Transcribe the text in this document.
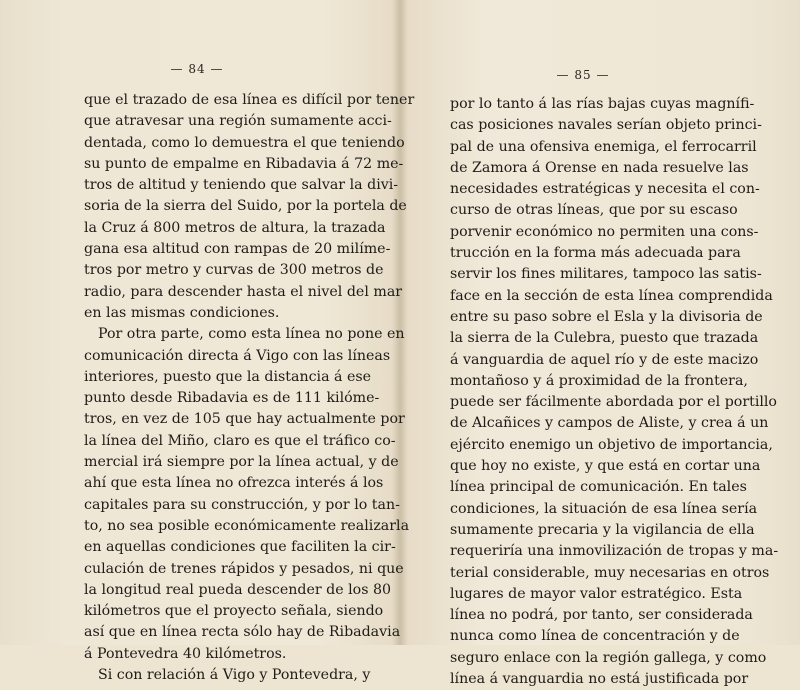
— 84 —
que el trazado de esa línea es difícil por tener
que atravesar una región sumamente acci-
dentada, como lo demuestra el que teniendo
su punto de empalme en Ribadavia á 72 me-
tros de altitud y teniendo que salvar la divi-
soria de la sierra del Suido, por la portela de
la Cruz á 800 metros de altura, la trazada
gana esa altitud con rampas de 20 milíme-
tros por metro y curvas de 300 metros de
radio, para descender hasta el nivel del mar
en las mismas condiciones.
Por otra parte, como esta línea no pone en
comunicación directa á Vigo con las líneas
interiores, puesto que la distancia á ese
punto desde Ribadavia es de 111 kilóme-
tros, en vez de 105 que hay actualmente por
la línea del Miño, claro es que el tráfico co-
mercial irá siempre por la línea actual, y de
ahí que esta línea no ofrezca interés á los
capitales para su construcción, y por lo tan-
to, no sea posible económicamente realizarla
en aquellas condiciones que faciliten la cir-
culación de trenes rápidos y pesados, ni que
la longitud real pueda descender de los 80
kilómetros que el proyecto señala, siendo
así que en línea recta sólo hay de Ribadavia
á Pontevedra 40 kilómetros.
Si con relación á Vigo y Pontevedra, y
— 85 —
por lo tanto á las rías bajas cuyas magnífi-
cas posiciones navales serían objeto princi-
pal de una ofensiva enemiga, el ferrocarril
de Zamora á Orense en nada resuelve las
necesidades estratégicas y necesita el con-
curso de otras líneas, que por su escaso
porvenir económico no permiten una cons-
trucción en la forma más adecuada para
servir los fines militares, tampoco las satis-
face en la sección de esta línea comprendida
entre su paso sobre el Esla y la divisoria de
la sierra de la Culebra, puesto que trazada
á vanguardia de aquel río y de este macizo
montañoso y á proximidad de la frontera,
puede ser fácilmente abordada por el portillo
de Alcañices y campos de Aliste, y crea á un
ejército enemigo un objetivo de importancia,
que hoy no existe, y que está en cortar una
línea principal de comunicación. En tales
condiciones, la situación de esa línea sería
sumamente precaria y la vigilancia de ella
requeriría una inmovilización de tropas y ma-
terial considerable, muy necesarias en otros
lugares de mayor valor estratégico. Esta
línea no podrá, por tanto, ser considerada
nunca como línea de concentración y de
seguro enlace con la región gallega, y como
línea á vanguardia no está justificada por
